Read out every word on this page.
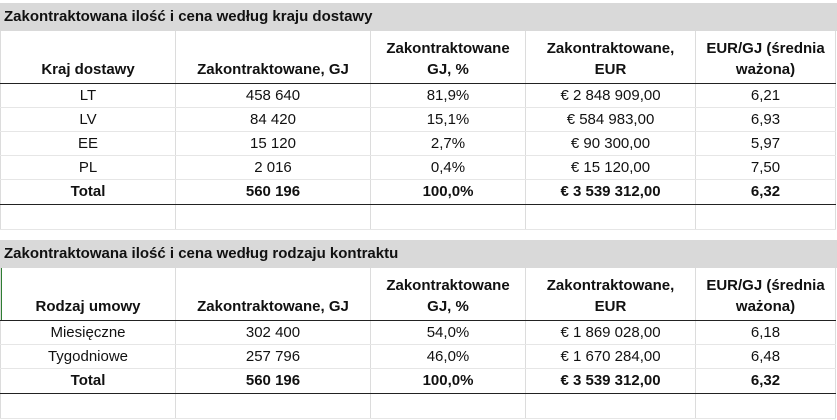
Zakontraktowana ilość i cena według kraju dostawy
Kraj dostawy	Zakontraktowane, GJ	Zakontraktowane GJ, %	Zakontraktowane, EUR	EUR/GJ (średnia ważona)
LT	458 640	81,9%	€ 2 848 909,00	6,21
LV	84 420	15,1%	€ 584 983,00	6,93
EE	15 120	2,7%	€ 90 300,00	5,97
PL	2 016	0,4%	€ 15 120,00	7,50
Total	560 196	100,0%	€ 3 539 312,00	6,32

Zakontraktowana ilość i cena według rodzaju kontraktu
Rodzaj umowy	Zakontraktowane, GJ	Zakontraktowane GJ, %	Zakontraktowane, EUR	EUR/GJ (średnia ważona)
Miesięczne	302 400	54,0%	€ 1 869 028,00	6,18
Tygodniowe	257 796	46,0%	€ 1 670 284,00	6,48
Total	560 196	100,0%	€ 3 539 312,00	6,32
